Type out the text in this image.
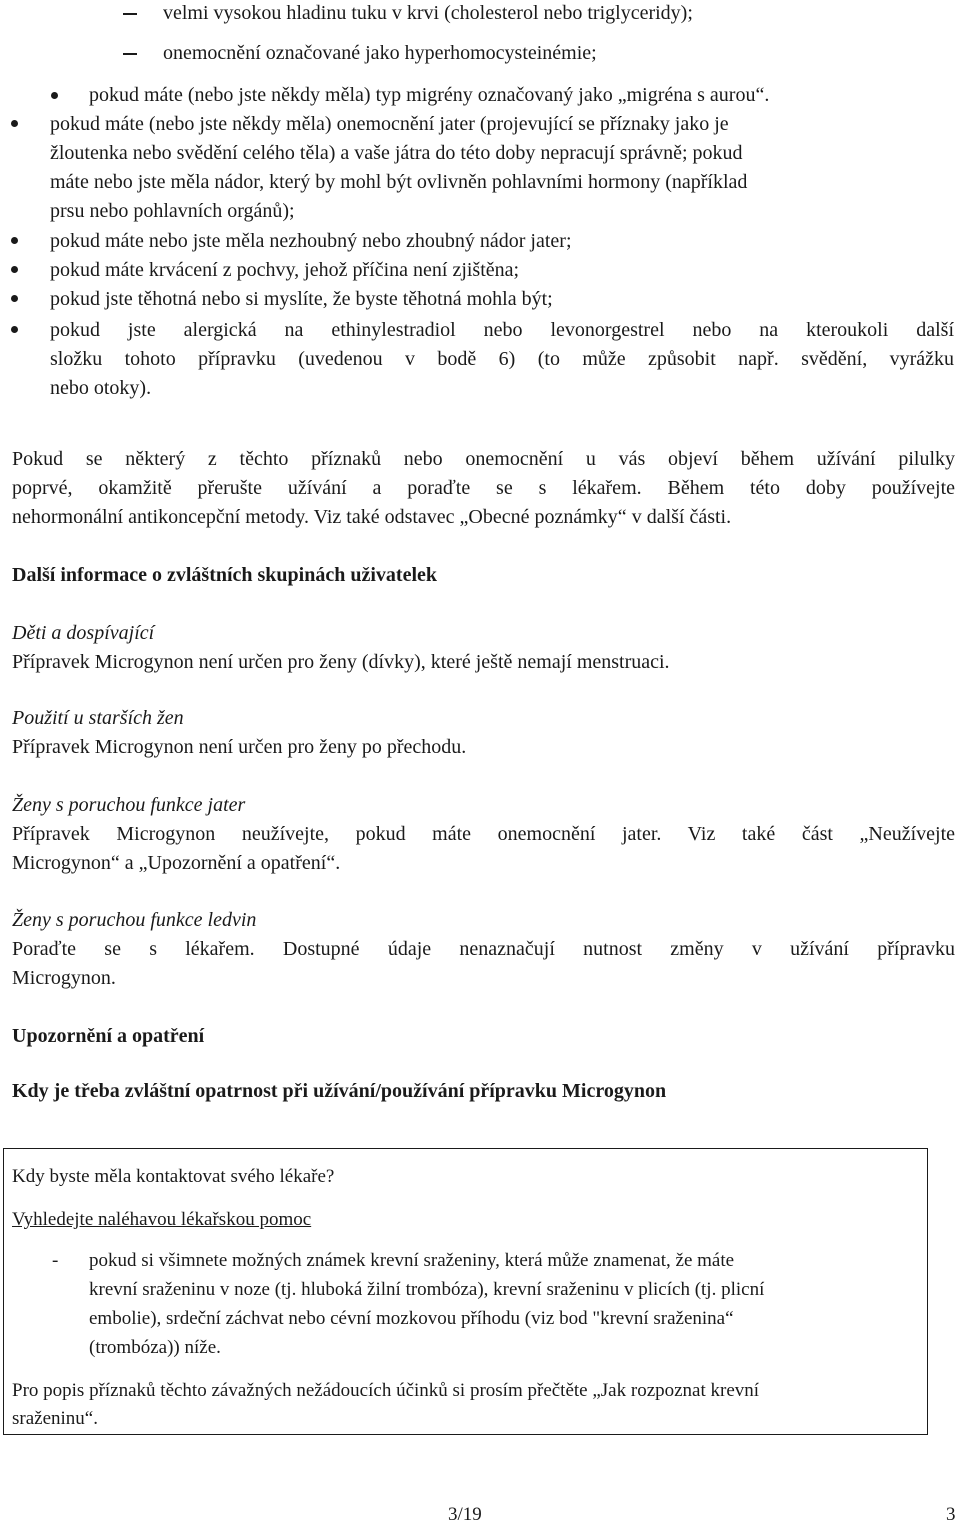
velmi vysokou hladinu tuku v krvi (cholesterol nebo triglyceridy);
onemocnění označované jako hyperhomocysteinémie;
pokud máte (nebo jste někdy měla) typ migrény označovaný jako „migréna s aurou“.
pokud máte (nebo jste někdy měla) onemocnění jater (projevující se příznaky jako je
žloutenka nebo svědění celého těla) a vaše játra do této doby nepracují správně; pokud
máte nebo jste měla nádor, který by mohl být ovlivněn pohlavními hormony (například
prsu nebo pohlavních orgánů);
pokud máte nebo jste měla nezhoubný nebo zhoubný nádor jater;
pokud máte krvácení z pochvy, jehož příčina není zjištěna;
pokud jste těhotná nebo si myslíte, že byste těhotná mohla být;
pokud jste alergická na ethinylestradiol nebo levonorgestrel nebo na kteroukoli další
složku tohoto přípravku (uvedenou v bodě 6) (to může způsobit např. svědění, vyrážku
nebo otoky).
Pokud se některý z těchto příznaků nebo onemocnění u vás objeví během užívání pilulky
poprvé, okamžitě přerušte užívání a poraďte se s lékařem. Během této doby používejte
nehormonální antikoncepční metody. Viz také odstavec „Obecné poznámky“ v další části.
Další informace o zvláštních skupinách uživatelek
Děti a dospívající
Přípravek Microgynon není určen pro ženy (dívky), které ještě nemají menstruaci.
Použití u starších žen
Přípravek Microgynon není určen pro ženy po přechodu.
Ženy s poruchou funkce jater
Přípravek Microgynon neužívejte, pokud máte onemocnění jater. Viz také část „Neužívejte
Microgynon“ a „Upozornění a opatření“.
Ženy s poruchou funkce ledvin
Poraďte se s lékařem. Dostupné údaje nenaznačují nutnost změny v užívání přípravku
Microgynon.
Upozornění a opatření
Kdy je třeba zvláštní opatrnost při užívání/používání přípravku Microgynon
Kdy byste měla kontaktovat svého lékaře?
Vyhledejte naléhavou lékařskou pomoc
- pokud si všimnete možných známek krevní sraženiny, která může znamenat, že máte
krevní sraženinu v noze (tj. hluboká žilní trombóza), krevní sraženinu v plicích (tj. plicní
embolie), srdeční záchvat nebo cévní mozkovou příhodu (viz bod "krevní sraženina“
(trombóza)) níže.
Pro popis příznaků těchto závažných nežádoucích účinků si prosím přečtěte „Jak rozpoznat krevní
sraženinu“.
3/19	3
